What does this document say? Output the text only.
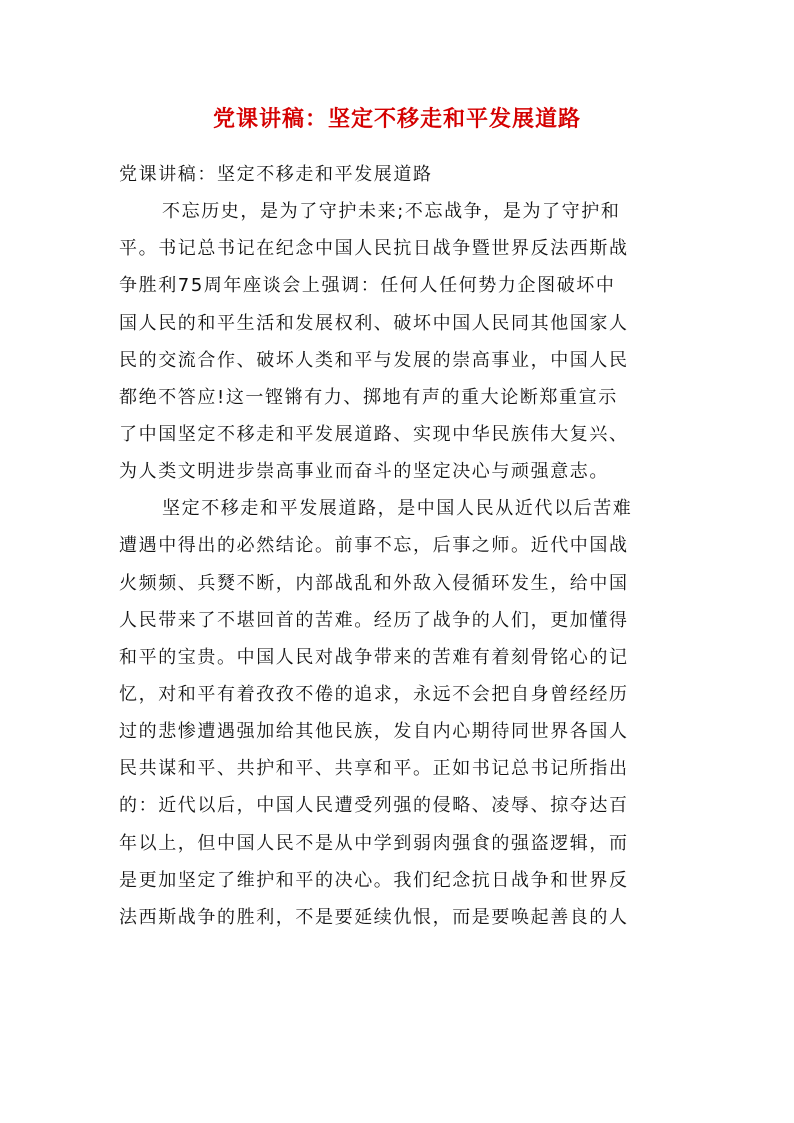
党课讲稿：坚定不移走和平发展道路
党课讲稿：坚定不移走和平发展道路
不忘历史，是为了守护未来;不忘战争，是为了守护和
平。书记总书记在纪念中国人民抗日战争暨世界反法西斯战
争胜利75周年座谈会上强调：任何人任何势力企图破坏中
国人民的和平生活和发展权利、破坏中国人民同其他国家人
民的交流合作、破坏人类和平与发展的崇高事业，中国人民
都绝不答应!这一铿锵有力、掷地有声的重大论断郑重宣示
了中国坚定不移走和平发展道路、实现中华民族伟大复兴、
为人类文明进步崇高事业而奋斗的坚定决心与顽强意志。
坚定不移走和平发展道路，是中国人民从近代以后苦难
遭遇中得出的必然结论。前事不忘，后事之师。近代中国战
火频频、兵燹不断，内部战乱和外敌入侵循环发生，给中国
人民带来了不堪回首的苦难。经历了战争的人们，更加懂得
和平的宝贵。中国人民对战争带来的苦难有着刻骨铭心的记
忆，对和平有着孜孜不倦的追求，永远不会把自身曾经经历
过的悲惨遭遇强加给其他民族，发自内心期待同世界各国人
民共谋和平、共护和平、共享和平。正如书记总书记所指出
的：近代以后，中国人民遭受列强的侵略、凌辱、掠夺达百
年以上，但中国人民不是从中学到弱肉强食的强盗逻辑，而
是更加坚定了维护和平的决心。我们纪念抗日战争和世界反
法西斯战争的胜利，不是要延续仇恨，而是要唤起善良的人
